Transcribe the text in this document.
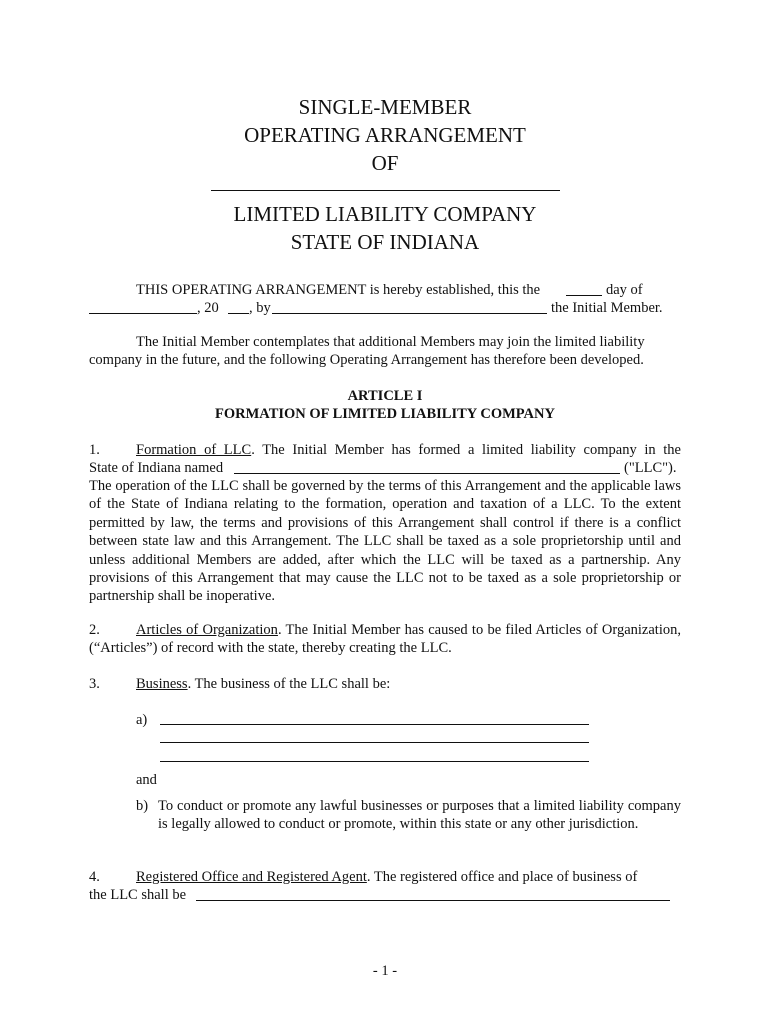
SINGLE-MEMBER
OPERATING ARRANGEMENT
OF
LIMITED LIABILITY COMPANY
STATE OF INDIANA
THIS OPERATING ARRANGEMENT is hereby established, this the	day of
, 20 , by	the Initial Member.
The Initial Member contemplates that additional Members may join the limited liability company in the future, and the following Operating Arrangement has therefore been developed.
ARTICLE I
FORMATION OF LIMITED LIABILITY COMPANY
1. Formation of LLC. The Initial Member has formed a limited liability company in the
State of Indiana named	("LLC").
The operation of the LLC shall be governed by the terms of this Arrangement and the applicable laws of the State of Indiana relating to the formation, operation and taxation of a LLC. To the extent permitted by law, the terms and provisions of this Arrangement shall control if there is a conflict between state law and this Arrangement. The LLC shall be taxed as a sole proprietorship until and unless additional Members are added, after which the LLC will be taxed as a partnership. Any provisions of this Arrangement that may cause the LLC not to be taxed as a sole proprietorship or partnership shall be inoperative.
2.	Articles of Organization. The Initial Member has caused to be filed Articles of Organization, (“Articles”) of record with the state, thereby creating the LLC.
3. Business. The business of the LLC shall be:
a)
and
b) To conduct or promote any lawful businesses or purposes that a limited liability company is legally allowed to conduct or promote, within this state or any other jurisdiction.
4. Registered Office and Registered Agent. The registered office and place of business of
the LLC shall be
- 1 -
